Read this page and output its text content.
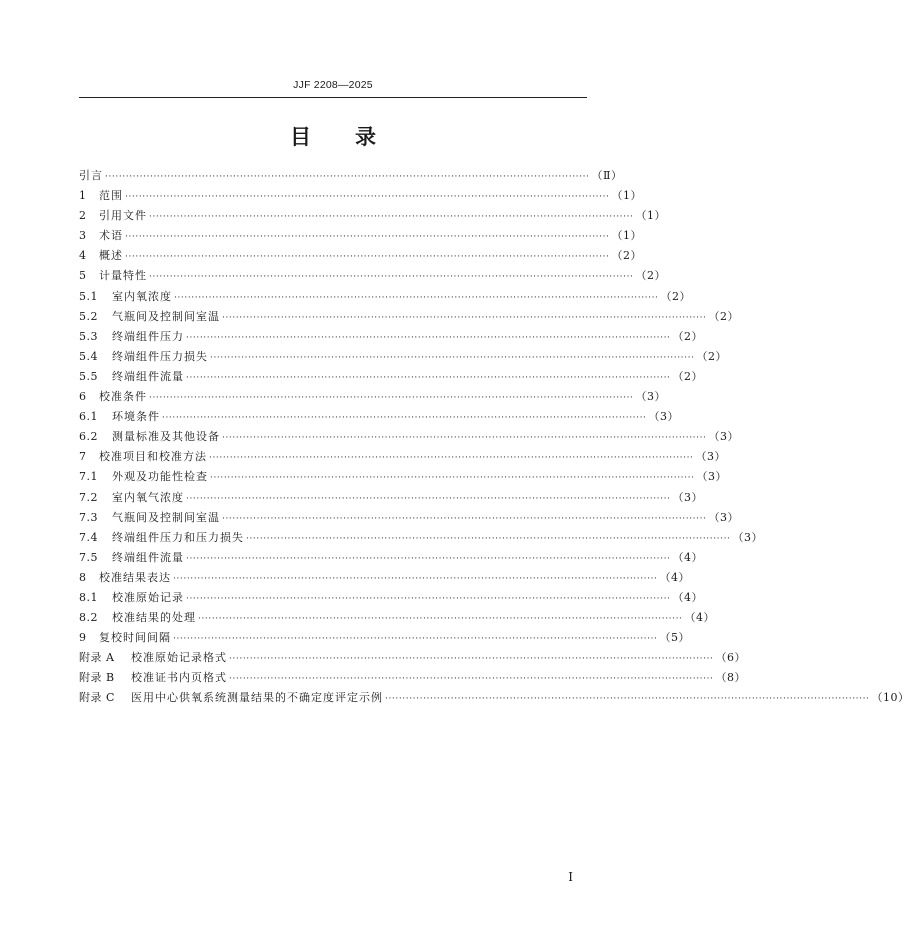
JJF 2208—2025
目 录
引言 ············································································································································ （Ⅱ）
1	范围 ············································································································································ （1）
2	引用文件 ············································································································································ （1）
3	术语 ············································································································································ （1）
4	概述 ············································································································································ （2）
5	计量特性 ············································································································································ （2）
5.1	室内氧浓度 ············································································································································ （2）
5.2	气瓶间及控制间室温 ············································································································································ （2）
5.3	终端组件压力 ············································································································································ （2）
5.4	终端组件压力损失 ············································································································································ （2）
5.5	终端组件流量 ············································································································································ （2）
6	校准条件 ············································································································································ （3）
6.1	环境条件 ············································································································································ （3）
6.2	测量标准及其他设备 ············································································································································ （3）
7	校准项目和校准方法 ············································································································································ （3）
7.1	外观及功能性检查 ············································································································································ （3）
7.2	室内氧气浓度 ············································································································································ （3）
7.3	气瓶间及控制间室温 ············································································································································ （3）
7.4	终端组件压力和压力损失 ············································································································································ （3）
7.5	终端组件流量 ············································································································································ （4）
8	校准结果表达 ············································································································································ （4）
8.1	校准原始记录 ············································································································································ （4）
8.2	校准结果的处理 ············································································································································ （4）
9	复校时间间隔 ············································································································································ （5）
附录 A	校准原始记录格式 ············································································································································ （6）
附录 B	校准证书内页格式 ············································································································································ （8）
附录 C	医用中心供氧系统测量结果的不确定度评定示例 ············································································································································ （10）
Ⅰ
